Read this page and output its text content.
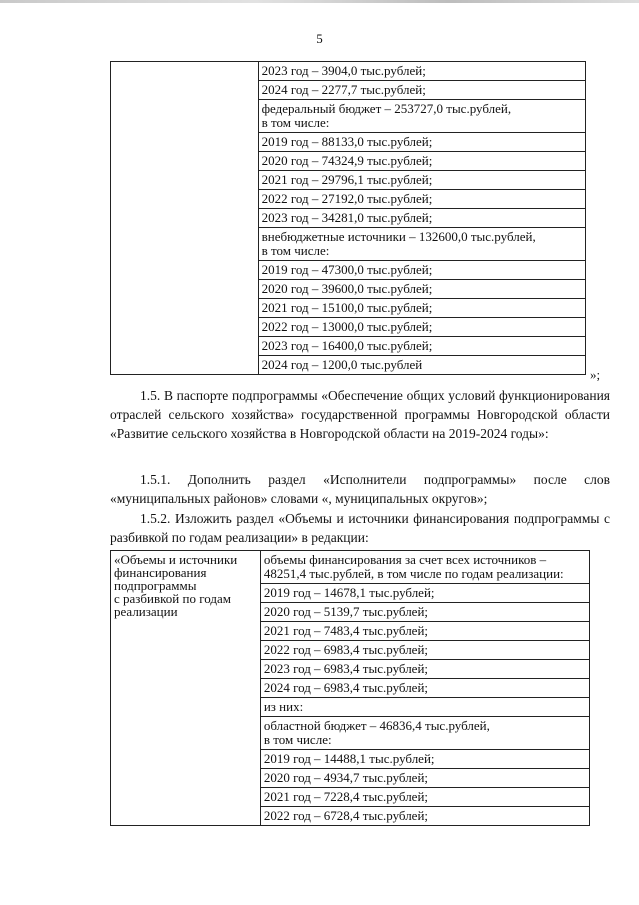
5

2023 год – 3904,0 тыс.рублей;
2024 год – 2277,7 тыс.рублей;
федеральный бюджет – 253727,0 тыс.рублей,
в том числе:
2019 год – 88133,0 тыс.рублей;
2020 год – 74324,9 тыс.рублей;
2021 год – 29796,1 тыс.рублей;
2022 год – 27192,0 тыс.рублей;
2023 год – 34281,0 тыс.рублей;
внебюджетные источники – 132600,0 тыс.рублей,
в том числе:
2019 год – 47300,0 тыс.рублей;
2020 год – 39600,0 тыс.рублей;
2021 год – 15100,0 тыс.рублей;
2022 год – 13000,0 тыс.рублей;
2023 год – 16400,0 тыс.рублей;
2024 год – 1200,0 тыс.рублей
»;
1.5. В паспорте подпрограммы «Обеспечение общих условий функционирования отраслей сельского хозяйства» государственной программы Новгородской области «Развитие сельского хозяйства в Новгородской области на 2019-2024 годы»:
1.5.1. Дополнить раздел «Исполнители подпрограммы» после слов «муниципальных районов» словами «, муниципальных округов»;
1.5.2. Изложить раздел «Объемы и источники финансирования подпрограммы с разбивкой по годам реализации» в редакции:
«Объемы и источники финансирования подпрограммы
с разбивкой по годам реализации

объемы финансирования за счет всех источников – 48251,4 тыс.рублей, в том числе по годам реализации:
2019 год – 14678,1 тыс.рублей;
2020 год – 5139,7 тыс.рублей;
2021 год – 7483,4 тыс.рублей;
2022 год – 6983,4 тыс.рублей;
2023 год – 6983,4 тыс.рублей;
2024 год – 6983,4 тыс.рублей;
из них:
областной бюджет – 46836,4 тыс.рублей,
в том числе:
2019 год – 14488,1 тыс.рублей;
2020 год – 4934,7 тыс.рублей;
2021 год – 7228,4 тыс.рублей;
2022 год – 6728,4 тыс.рублей;
